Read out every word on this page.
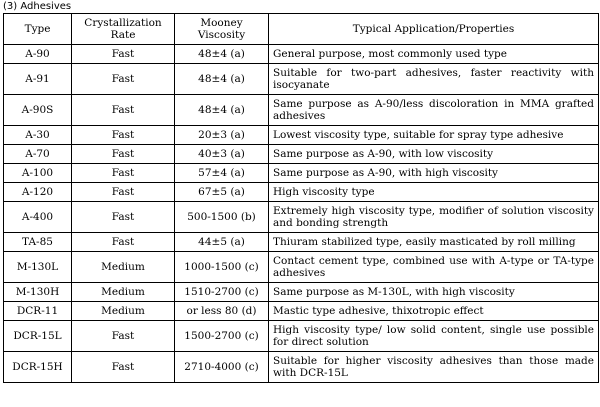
(3) Adhesives
Type	Crystallization Rate	Mooney Viscosity	Typical Application/Properties
A-90	Fast	48±4 (a)	General purpose, most commonly used type
A-91	Fast	48±4 (a)	Suitable for two-part adhesives, faster reactivity with isocyanate
A-90S	Fast	48±4 (a)	Same purpose as A-90/less discoloration in MMA grafted adhesives
A-30	Fast	20±3 (a)	Lowest viscosity type, suitable for spray type adhesive
A-70	Fast	40±3 (a)	Same purpose as A-90, with low viscosity
A-100	Fast	57±4 (a)	Same purpose as A-90, with high viscosity
A-120	Fast	67±5 (a)	High viscosity type
A-400	Fast	500-1500 (b)	Extremely high viscosity type, modifier of solution viscosity and bonding strength
TA-85	Fast	44±5 (a)	Thiuram stabilized type, easily masticated by roll milling
M-130L	Medium	1000-1500 (c)	Contact cement type, combined use with A-type or TA-type adhesives
M-130H	Medium	1510-2700 (c)	Same purpose as M-130L, with high viscosity
DCR-11	Medium	or less 80 (d)	Mastic type adhesive, thixotropic effect
DCR-15L	Fast	1500-2700 (c)	High viscosity type/ low solid content, single use possible for direct solution
DCR-15H	Fast	2710-4000 (c)	Suitable for higher viscosity adhesives than those made with DCR-15L
